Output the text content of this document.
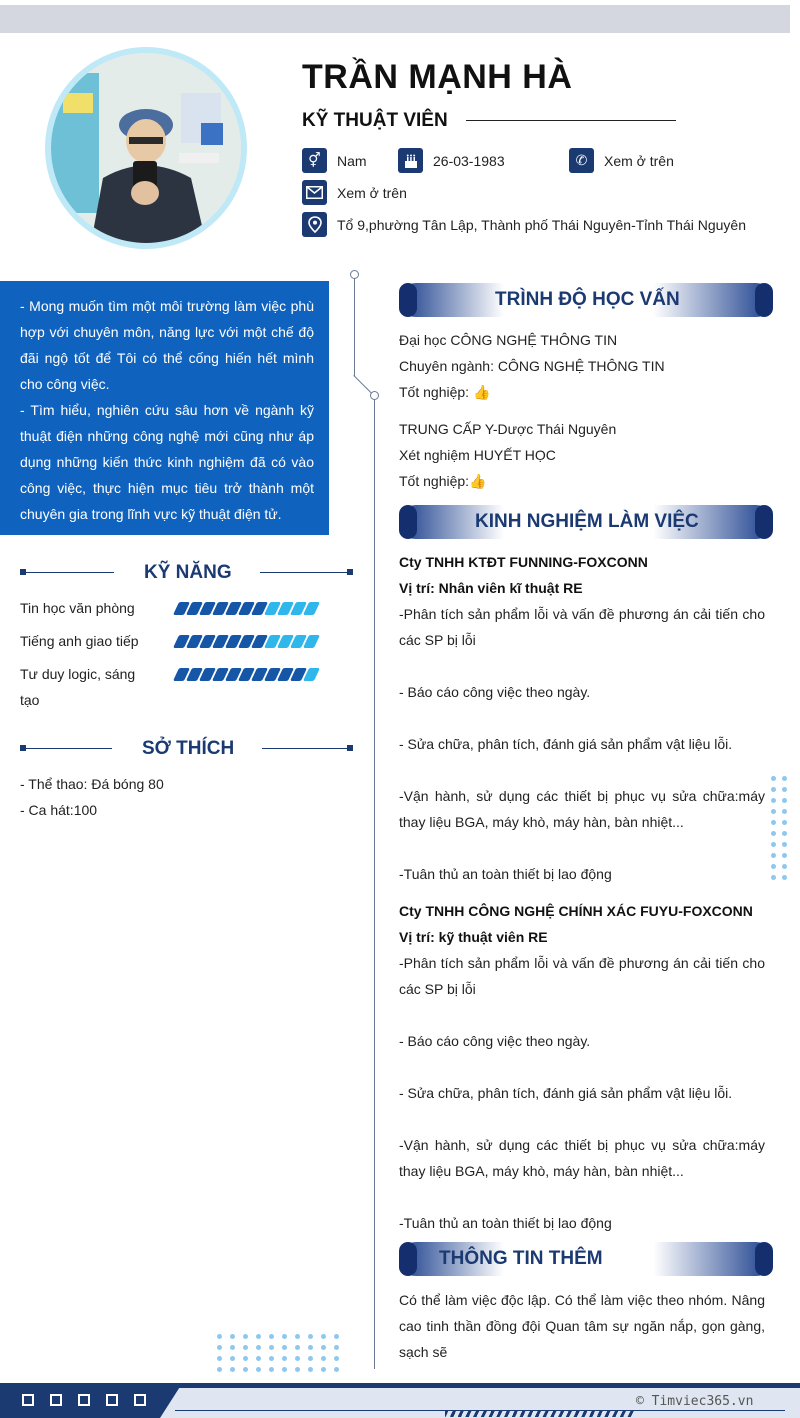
TRẦN MẠNH HÀ
KỸ THUẬT VIÊN
⚥	Nam	26-03-1983	✆	Xem ở trên
Xem ở trên
Tổ 9,phường Tân Lập, Thành phố Thái Nguyên-Tỉnh Thái Nguyên

- Mong muốn tìm một môi trường làm việc phù hợp với chuyên môn, năng lực với một chế độ đãi ngộ tốt để Tôi có thể cống hiến hết mình cho công việc.

- Tìm hiểu, nghiên cứu sâu hơn về ngành kỹ thuật điện những công nghệ mới cũng như áp dụng những kiến thức kinh nghiệm đã có vào công việc, thực hiện mục tiêu trở thành một chuyên gia trong lĩnh vực kỹ thuật điện tử.

KỸ NĂNG
Tin học văn phòng
Tiếng anh giao tiếp
Tư duy logic, sáng tạo
SỞ THÍCH
- Thể thao: Đá bóng 80
- Ca hát:100
TRÌNH ĐỘ HỌC VẤN
Đại học CÔNG NGHỆ THÔNG TIN
Chuyên ngành: CÔNG NGHỆ THÔNG TIN
Tốt nghiệp: 👍
TRUNG CẤP Y-Dược Thái Nguyên
Xét nghiệm HUYẾT HỌC
Tốt nghiệp:👍
KINH NGHIỆM LÀM VIỆC
Cty TNHH KTĐT FUNNING-FOXCONN
Vị trí: Nhân viên kĩ thuật RE
-Phân tích sản phẩm lỗi và vấn đề phương án cải tiến cho các SP bị lỗi
- Báo cáo công việc theo ngày.
- Sửa chữa, phân tích, đánh giá sản phẩm vật liệu lỗi.
-Vận hành, sử dụng các thiết bị phục vụ sửa chữa:máy thay liệu BGA, máy khò, máy hàn, bàn nhiệt...
-Tuân thủ an toàn thiết bị lao động
Cty TNHH CÔNG NGHỆ CHÍNH XÁC FUYU-FOXCONN
Vị trí: kỹ thuật viên RE
-Phân tích sản phẩm lỗi và vấn đề phương án cải tiến cho các SP bị lỗi
- Báo cáo công việc theo ngày.
- Sửa chữa, phân tích, đánh giá sản phẩm vật liệu lỗi.
-Vận hành, sử dụng các thiết bị phục vụ sửa chữa:máy thay liệu BGA, máy khò, máy hàn, bàn nhiệt...
-Tuân thủ an toàn thiết bị lao động
THÔNG TIN THÊM
Có thể làm việc độc lập. Có thể làm việc theo nhóm. Nâng cao tinh thần đồng đội Quan tâm sự ngăn nắp, gọn gàng, sạch sẽ
© Timviec365.vn
